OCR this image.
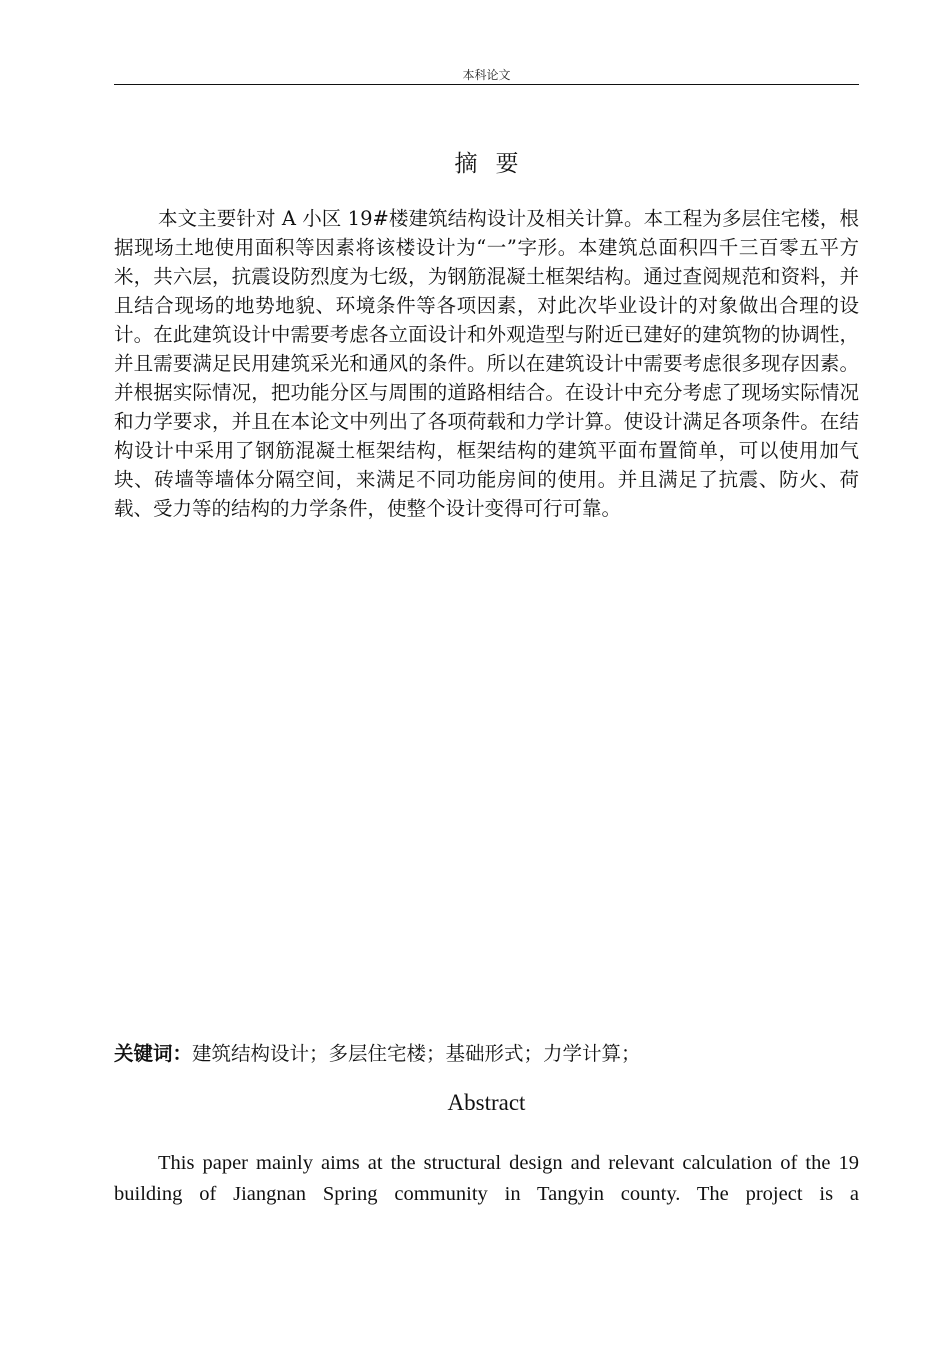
本科论文
摘要
本文主要针对 A 小区 19#楼建筑结构设计及相关计算。本工程为多层住宅楼，根据现场土地使用面积等因素将该楼设计为“一”字形。本建筑总面积四千三百零五平方米，共六层，抗震设防烈度为七级，为钢筋混凝土框架结构。通过查阅规范和资料，并且结合现场的地势地貌、环境条件等各项因素，对此次毕业设计的对象做出合理的设计。在此建筑设计中需要考虑各立面设计和外观造型与附近已建好的建筑物的协调性，并且需要满足民用建筑采光和通风的条件。所以在建筑设计中需要考虑很多现存因素。并根据实际情况，把功能分区与周围的道路相结合。在设计中充分考虑了现场实际情况和力学要求，并且在本论文中列出了各项荷载和力学计算。使设计满足各项条件。在结构设计中采用了钢筋混凝土框架结构，框架结构的建筑平面布置简单，可以使用加气块、砖墙等墙体分隔空间，来满足不同功能房间的使用。并且满足了抗震、防火、荷载、受力等的结构的力学条件，使整个设计变得可行可靠。
关键词：建筑结构设计；多层住宅楼；基础形式；力学计算；
Abstract
This paper mainly aims at the structural design and relevant calculation of the 19 building of Jiangnan Spring community in Tangyin county. The project is a
